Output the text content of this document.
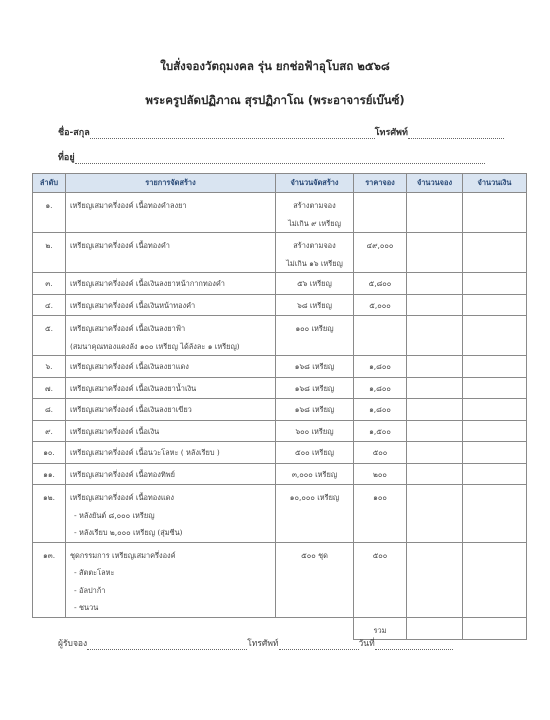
ใบสั่งจองวัตถุมงคล รุ่น ยกช่อฟ้าอุโบสถ ๒๕๖๘
พระครูปลัดปฏิภาณ สุรปฏิภาโณ (พระอาจารย์เบ๊นซ์)
ชื่อ-สกุล	โทรศัพท์
ที่อยู่
ลำดับ	รายการจัดสร้าง	จำนวนจัดสร้าง	ราคาจอง	จำนวนจอง	จำนวนเงิน
๑.	เหรียญเสมาครึ่งองค์ เนื้อทองคำลงยา	สร้างตามจอง
ไม่เกิน ๙ เหรียญ			

๒.	เหรียญเสมาครึ่งองค์ เนื้อทองคำ	สร้างตามจอง
ไม่เกิน ๑๖ เหรียญ	๔๙,๐๐๐		
๓.	เหรียญเสมาครึ่งองค์ เนื้อเงินลงยาหน้ากากทองคำ	๕๖ เหรียญ	๕,๘๐๐		
๔.	เหรียญเสมาครึ่งองค์ เนื้อเงินหน้าทองคำ	๖๘ เหรียญ	๕,๐๐๐		
๕.	เหรียญเสมาครึ่งองค์ เนื้อเงินลงยาฟ้า
(สมนาคุณทองแดงลัง ๑๐๐ เหรียญ ได้ลังละ ๑ เหรียญ)	๑๐๐ เหรียญ			

๖.	เหรียญเสมาครึ่งองค์ เนื้อเงินลงยาแดง	๑๖๘ เหรียญ	๑,๘๐๐		
๗.	เหรียญเสมาครึ่งองค์ เนื้อเงินลงยาน้ำเงิน	๑๖๘ เหรียญ	๑,๘๐๐		
๘.	เหรียญเสมาครึ่งองค์ เนื้อเงินลงยาเขียว	๑๖๘ เหรียญ	๑,๘๐๐		
๙.	เหรียญเสมาครึ่งองค์ เนื้อเงิน	๖๐๐ เหรียญ	๑,๕๐๐		
๑๐.	เหรียญเสมาครึ่งองค์ เนื้อนวะโลหะ ( หลังเรียบ )	๕๐๐ เหรียญ	๕๐๐		
๑๑.	เหรียญเสมาครึ่งองค์ เนื้อทองทิพย์	๓,๐๐๐ เหรียญ	๒๐๐		
๑๒.	เหรียญเสมาครึ่งองค์ เนื้อทองแดง
- หลังยันต์ ๘,๐๐๐ เหรียญ
- หลังเรียบ ๒,๐๐๐ เหรียญ (สุ่มซีน)	๑๐,๐๐๐ เหรียญ	๑๐๐		
๑๓.	ชุดกรรมการ เหรียญเสมาครึ่งองค์
- สัตตะโลหะ
- อัลปาก้า
- ชนวน	๕๐๐ ชุด	๕๐๐		
			รวม		
ผู้รับจอง	โทรศัพท์	วันที่
